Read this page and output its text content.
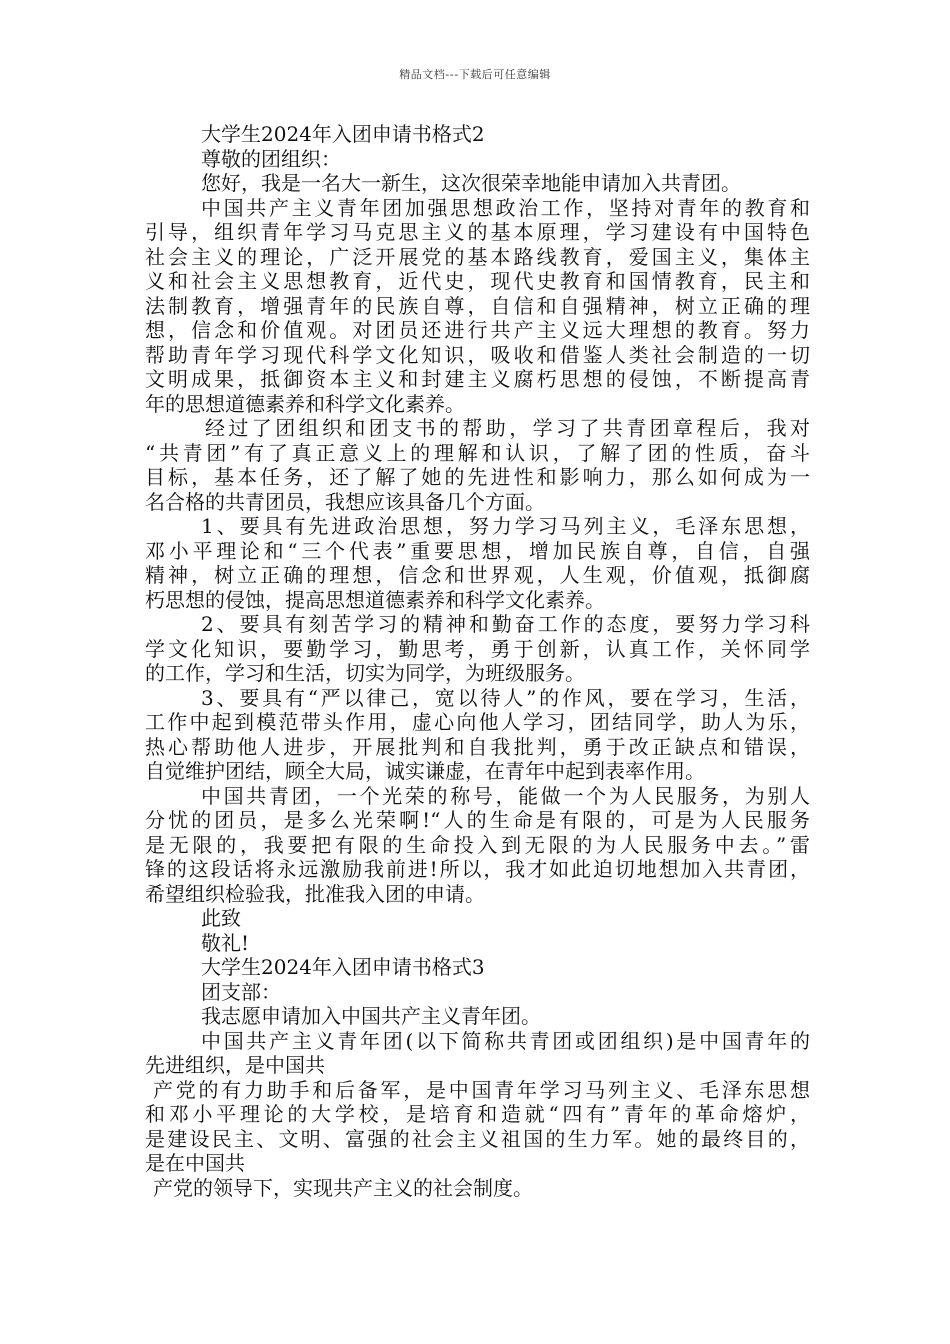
精品文档---下载后可任意编辑
大学生2024年入团申请书格式2
尊敬的团组织：
您好，我是一名大一新生，这次很荣幸地能申请加入共青团。
中国共产主义青年团加强思想政治工作，坚持对青年的教育和
引导，组织青年学习马克思主义的基本原理，学习建设有中国特色
社会主义的理论，广泛开展党的基本路线教育，爱国主义，集体主
义和社会主义思想教育，近代史，现代史教育和国情教育，民主和
法制教育，增强青年的民族自尊，自信和自强精神，树立正确的理
想，信念和价值观。对团员还进行共产主义远大理想的教育。努力
帮助青年学习现代科学文化知识，吸收和借鉴人类社会制造的一切
文明成果，抵御资本主义和封建主义腐朽思想的侵蚀，不断提高青
年的思想道德素养和科学文化素养。
经过了团组织和团支书的帮助，学习了共青团章程后，我对
“共青团”有了真正意义上的理解和认识，了解了团的性质，奋斗
目标，基本任务，还了解了她的先进性和影响力，那么如何成为一
名合格的共青团员，我想应该具备几个方面。
1、要具有先进政治思想，努力学习马列主义，毛泽东思想，
邓小平理论和“三个代表”重要思想，增加民族自尊，自信，自强
精神，树立正确的理想，信念和世界观，人生观，价值观，抵御腐
朽思想的侵蚀，提高思想道德素养和科学文化素养。
2、要具有刻苦学习的精神和勤奋工作的态度，要努力学习科
学文化知识，要勤学习，勤思考，勇于创新，认真工作，关怀同学
的工作，学习和生活，切实为同学，为班级服务。
3、要具有“严以律己，宽以待人”的作风，要在学习，生活，
工作中起到模范带头作用，虚心向他人学习，团结同学，助人为乐，
热心帮助他人进步，开展批判和自我批判，勇于改正缺点和错误，
自觉维护团结，顾全大局，诚实谦虚，在青年中起到表率作用。
中国共青团，一个光荣的称号，能做一个为人民服务，为别人
分忧的团员，是多么光荣啊!“人的生命是有限的，可是为人民服务
是无限的，我要把有限的生命投入到无限的为人民服务中去。”雷
锋的这段话将永远激励我前进!所以，我才如此迫切地想加入共青团，
希望组织检验我，批准我入团的申请。
此致
敬礼!
大学生2024年入团申请书格式3
团支部：
我志愿申请加入中国共产主义青年团。
中国共产主义青年团(以下简称共青团或团组织)是中国青年的
先进组织，是中国共
产党的有力助手和后备军，是中国青年学习马列主义、毛泽东思想
和邓小平理论的大学校，是培育和造就“四有”青年的革命熔炉，
是建设民主、文明、富强的社会主义祖国的生力军。她的最终目的，
是在中国共
产党的领导下，实现共产主义的社会制度。
